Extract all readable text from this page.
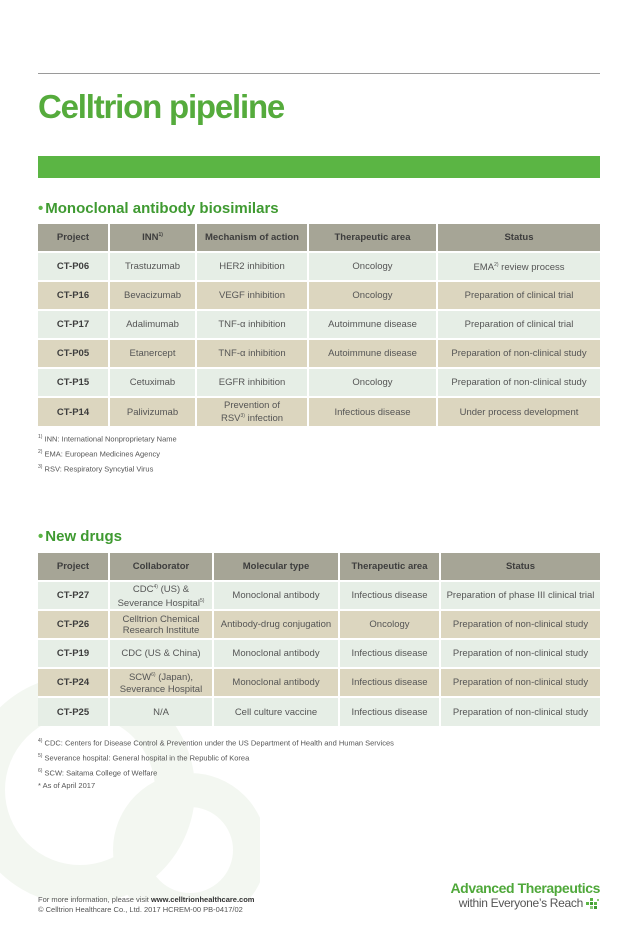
Celltrion pipeline
• Monoclonal antibody biosimilars
Project	INN$^{1)}$	Mechanism of action	Therapeutic area	Status
CT-P06	Trastuzumab	HER2 inhibition	Oncology	EMA$^{2)}$ review process
CT-P16	Bevacizumab	VEGF inhibition	Oncology	Preparation of clinical trial
CT-P17	Adalimumab	TNF-α inhibition	Autoimmune disease	Preparation of clinical trial
CT-P05	Etanercept	TNF-α inhibition	Autoimmune disease	Preparation of non-clinical study
CT-P15	Cetuximab	EGFR inhibition	Oncology	Preparation of non-clinical study
CT-P14	Palivizumab	Prevention of
RSV$^{3)}$ infection	Infectious disease	Under process development
$^{1)}$ INN: International Nonproprietary Name
$^{2)}$ EMA: European Medicines Agency
$^{3)}$ RSV: Respiratory Syncytial Virus
• New drugs
Project	Collaborator	Molecular type	Therapeutic area	Status
CT-P27	CDC$^{4)}$ (US) &
Severance Hospital$^{5)}$	Monoclonal antibody	Infectious disease	Preparation of phase III clinical trial
CT-P26	Celltrion Chemical
Research Institute	Antibody-drug conjugation	Oncology	Preparation of non-clinical study
CT-P19	CDC (US & China)	Monoclonal antibody	Infectious disease	Preparation of non-clinical study
CT-P24	SCW$^{6)}$ (Japan),
Severance Hospital	Monoclonal antibody	Infectious disease	Preparation of non-clinical study
CT-P25	N/A	Cell culture vaccine	Infectious disease	Preparation of non-clinical study
$^{4)}$ CDC: Centers for Disease Control & Prevention under the US Department of Health and Human Services
$^{5)}$ Severance hospital: General hospital in the Republic of Korea
$^{6)}$ SCW: Saitama College of Welfare
* As of April 2017
For more information, please visit www.celltrionhealthcare.com
© Celltrion Healthcare Co., Ltd. 2017 HCREM-00 PB-0417/02
Advanced Therapeutics
within Everyone’s Reach
